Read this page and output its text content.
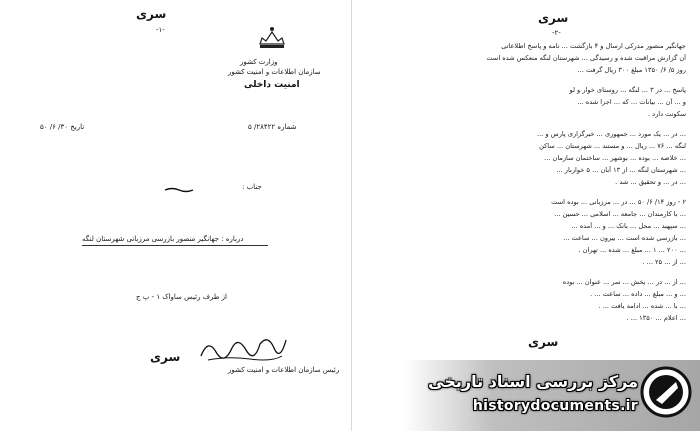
سری
-۱-
وزارت کشور
سازمان اطلاعات و امنیت کشور
امنیت داخلی
شماره ۲۸۴۲۲/ ۵
تاریخ ۳۰/ ۶/ ۵۰
جناب :
درباره : جهانگیر منصور بازرسی مرزبانی شهرستان لنگه
از طرف رئیس ساواک ۱ - پ ج
رئیس سازمان اطلاعات و امنیت کشور
سری
سری
-۲-
جهانگیر منصور مدرکی ارسال و ۴ بازگشت ... نامه و پاسخ اطلاعاتی
آن گزارش مراقبت شده و رسیدگی ... شهرستان لنگه منعکس شده است
روز ۵/ ۶/ ۱۳۵۰ مبلغ ۳۰۰ ریال گرفت ...
پاسخ ... در ۳ ... لنگه ... روستای خوار و لو
و ... آن ... بیانات ... که ... اجرا شده ...
سکونت دارد .
... در ... یک مورد ... جمهوری ... خبرگزاری پارس و ...
لنگه ... ۷۶ ... ریال ... و مستند ... شهرستان ... ساکن
... خلاصه ... بوده ... بوشهر ... ساختمان سازمان ...
... شهرستان لنگه ... از ۱۳ آبان ... ۵ خواربار ...
... در ... و تحقیق ... شد .
۲ - روز ۱۴/ ۶/ ۵۰ ... در ... مرزبانی ... بوده است
... با کارمندان ... جامعه ... اسلامی ... حسین ...
... سپهبد ... محل ... بانک ... و ... آمده ...
... بازرسی شده است ... بیرون ... ساعت ...
... ۲۰۰ ... ۱ ... مبلغ ... شده ... تهران .
... از ... ۲۵ ... .
... از ... در ... بخش ... سر ... عنوان ... بوده
... و ... مبلغ ... داده ... ساعت ... .
... با ... شده ... ادامه یافت ... .
... اعلام ... ۱۳۵۰ ... .
سری
مرکز بررسی اسناد تاریخی
historydocuments.ir
